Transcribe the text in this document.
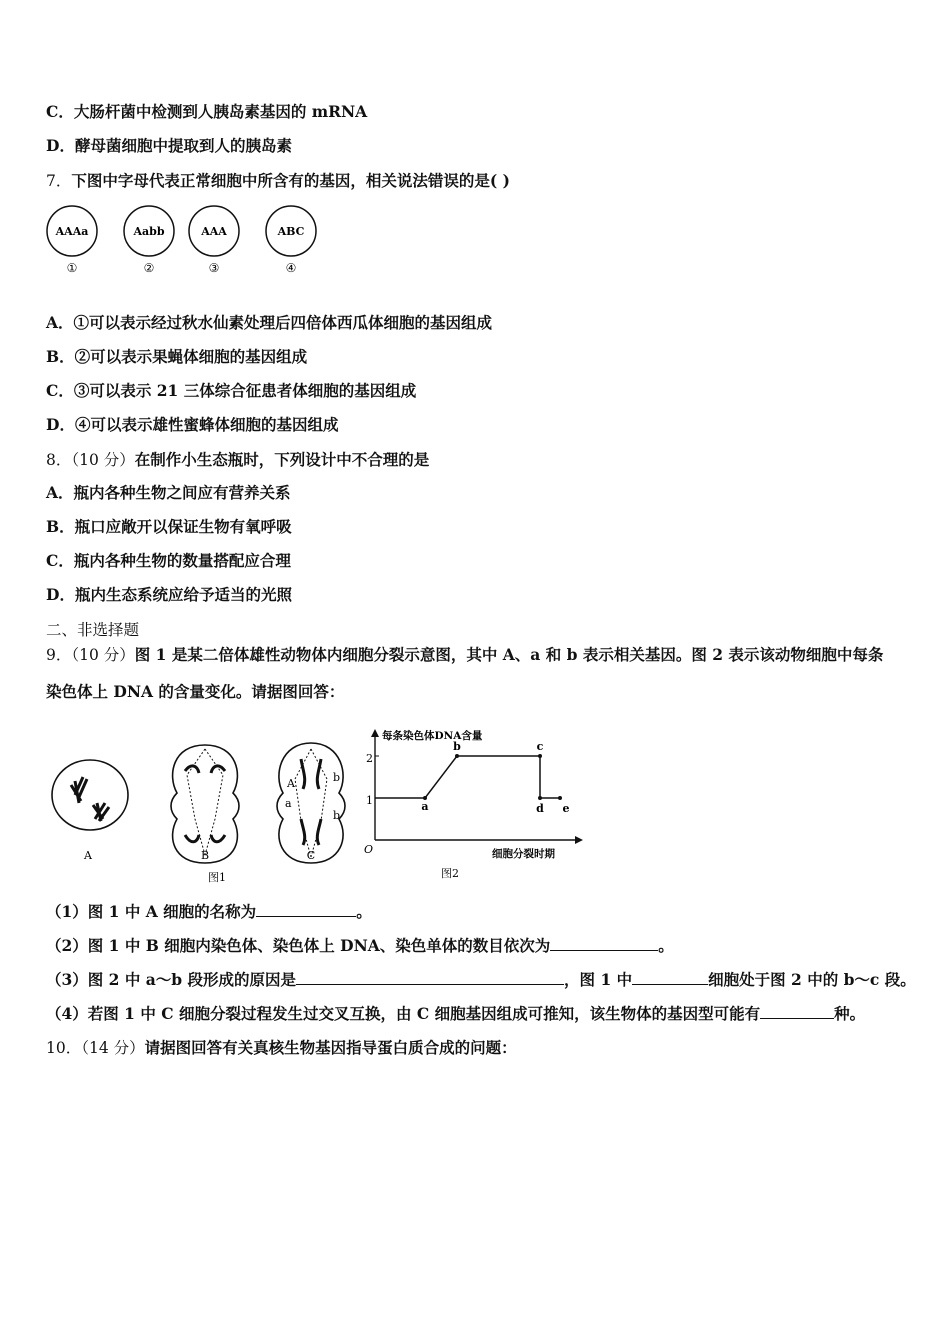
C．大肠杆菌中检测到人胰岛素基因的 mRNA
D．酵母菌细胞中提取到人的胰岛素
7．下图中字母代表正常细胞中所含有的基因，相关说法错误的是( )
AAAa
①
Aabb
②
AAA
③
ABC
④
A．①可以表示经过秋水仙素处理后四倍体西瓜体细胞的基因组成
B．②可以表示果蝇体细胞的基因组成
C．③可以表示 21 三体综合征患者体细胞的基因组成
D．④可以表示雄性蜜蜂体细胞的基因组成
8．（10 分）在制作小生态瓶时，下列设计中不合理的是
A．瓶内各种生物之间应有营养关系
B．瓶口应敞开以保证生物有氧呼吸
C．瓶内各种生物的数量搭配应合理
D．瓶内生态系统应给予适当的光照
二、非选择题
9．（10 分）图 1 是某二倍体雄性动物体内细胞分裂示意图，其中 A、a 和 b 表示相关基因。图 2 表示该动物细胞中每条
染色体上 DNA 的含量变化。请据图回答：
A	B
A
a
b
b
C
图1
每条染色体DNA含量
细胞分裂时期
O
2
1	a
b	c
d e
图2
（1）图 1 中 A 细胞的名称为	。
（2）图 1 中 B 细胞内染色体、染色体上 DNA、染色单体的数目依次为	。
（3）图 2 中 a～b 段形成的原因是	，图 1 中	细胞处于图 2 中的 b～c 段。
（4）若图 1 中 C 细胞分裂过程发生过交叉互换，由 C 细胞基因组成可推知，该生物体的基因型可能有	种。
10．（14 分）请据图回答有关真核生物基因指导蛋白质合成的问题：
